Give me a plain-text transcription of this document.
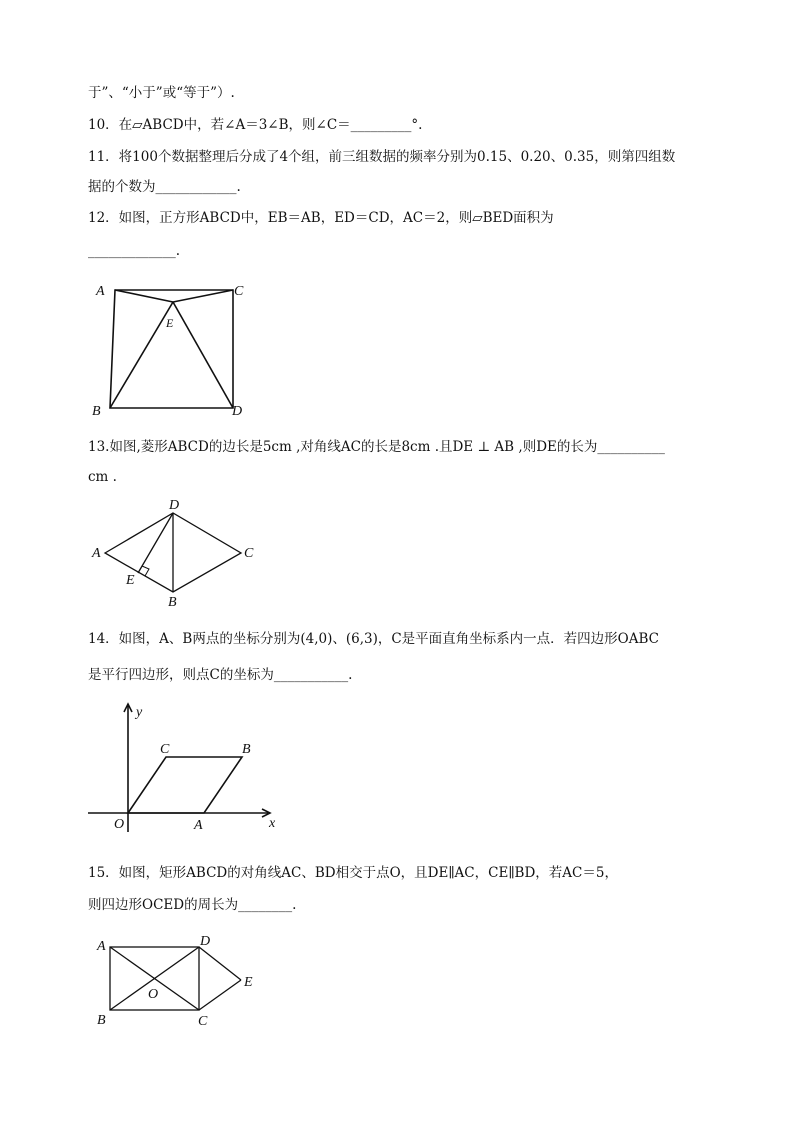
于”、“小于”或“等于”）.
10．在▱ABCD中，若∠A＝3∠B，则∠C＝_________°.
11．将100个数据整理后分成了4个组，前三组数据的频率分别为0.15、0.20、0.35，则第四组数
据的个数为____________.
12．如图，正方形ABCD中，EB＝AB，ED＝CD，AC＝2，则▱BED面积为
_____________.
A	C
E
B	D
13.如图,菱形ABCD的边长是5cm ,对角线AC的长是8cm .且DE ⊥ AB ,则DE的长为__________
cm .
A
D
C
B
E
14．如图，A、B两点的坐标分别为(4,0)、(6,3)，C是平面直角坐标系内一点．若四边形OABC
是平行四边形，则点C的坐标为___________.
O	A
B
C
x
y
15．如图，矩形ABCD的对角线AC、BD相交于点O，且DE∥AC，CE∥BD，若AC＝5，
则四边形OCED的周长为________.
A	D
E
O
B	C
